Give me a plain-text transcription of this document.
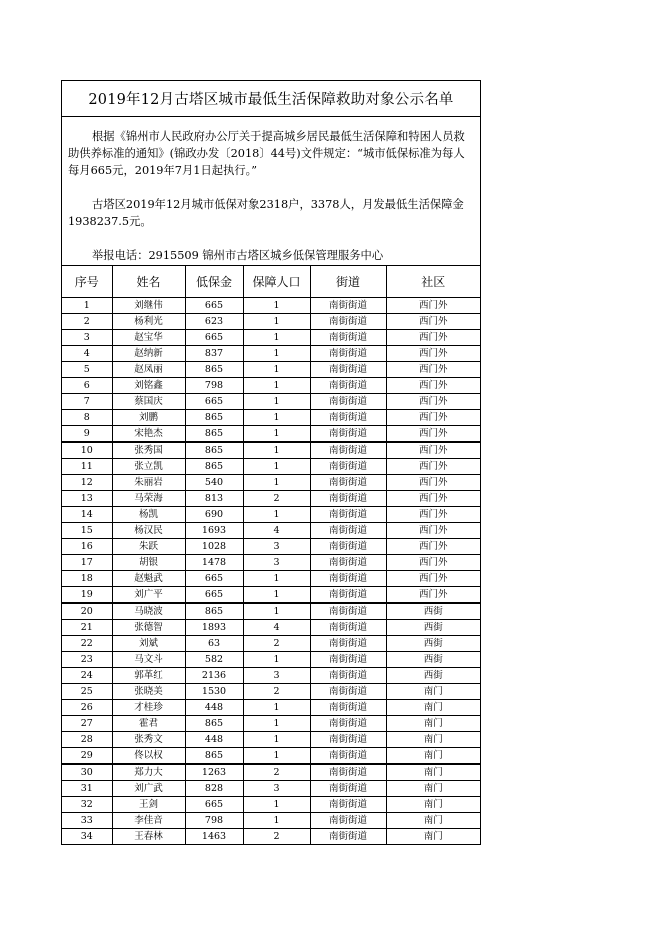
2019年12月古塔区城市最低生活保障救助对象公示名单

根据《锦州市人民政府办公厅关于提高城乡居民最低生活保障和特困人员救助供养标准的通知》(锦政办发〔2018〕44号)文件规定：“城市低保标准为每人每月665元，2019年7月1日起执行。”

古塔区2019年12月城市低保对象2318户，3378人，月发最低生活保障金1938237.5元。

举报电话：2915509 锦州市古塔区城乡低保管理服务中心

序号	姓名	低保金	保障人口	街道	社区
1	刘继伟	665	1	南街街道	西门外
2	杨利光	623	1	南街街道	西门外
3	赵宝华	665	1	南街街道	西门外
4	赵纳新	837	1	南街街道	西门外
5	赵凤丽	865	1	南街街道	西门外
6	刘铭鑫	798	1	南街街道	西门外
7	蔡国庆	665	1	南街街道	西门外
8	刘鹏	865	1	南街街道	西门外
9	宋艳杰	865	1	南街街道	西门外
10	张秀国	865	1	南街街道	西门外
11	张立凯	865	1	南街街道	西门外
12	朱丽岩	540	1	南街街道	西门外
13	马荣海	813	2	南街街道	西门外
14	杨凯	690	1	南街街道	西门外
15	杨汉民	1693	4	南街街道	西门外
16	朱跃	1028	3	南街街道	西门外
17	胡银	1478	3	南街街道	西门外
18	赵魁武	665	1	南街街道	西门外
19	刘广平	665	1	南街街道	西门外
20	马晓波	865	1	南街街道	西街
21	张德智	1893	4	南街街道	西街
22	刘斌	63	2	南街街道	西街
23	马文斗	582	1	南街街道	西街
24	郭革红	2136	3	南街街道	西街
25	张晓美	1530	2	南街街道	南门
26	才桂珍	448	1	南街街道	南门
27	霍君	865	1	南街街道	南门
28	张秀文	448	1	南街街道	南门
29	佟以权	865	1	南街街道	南门
30	郑力大	1263	2	南街街道	南门
31	刘广武	828	3	南街街道	南门
32	王剑	665	1	南街街道	南门
33	李佳音	798	1	南街街道	南门
34	王春林	1463	2	南街街道	南门
